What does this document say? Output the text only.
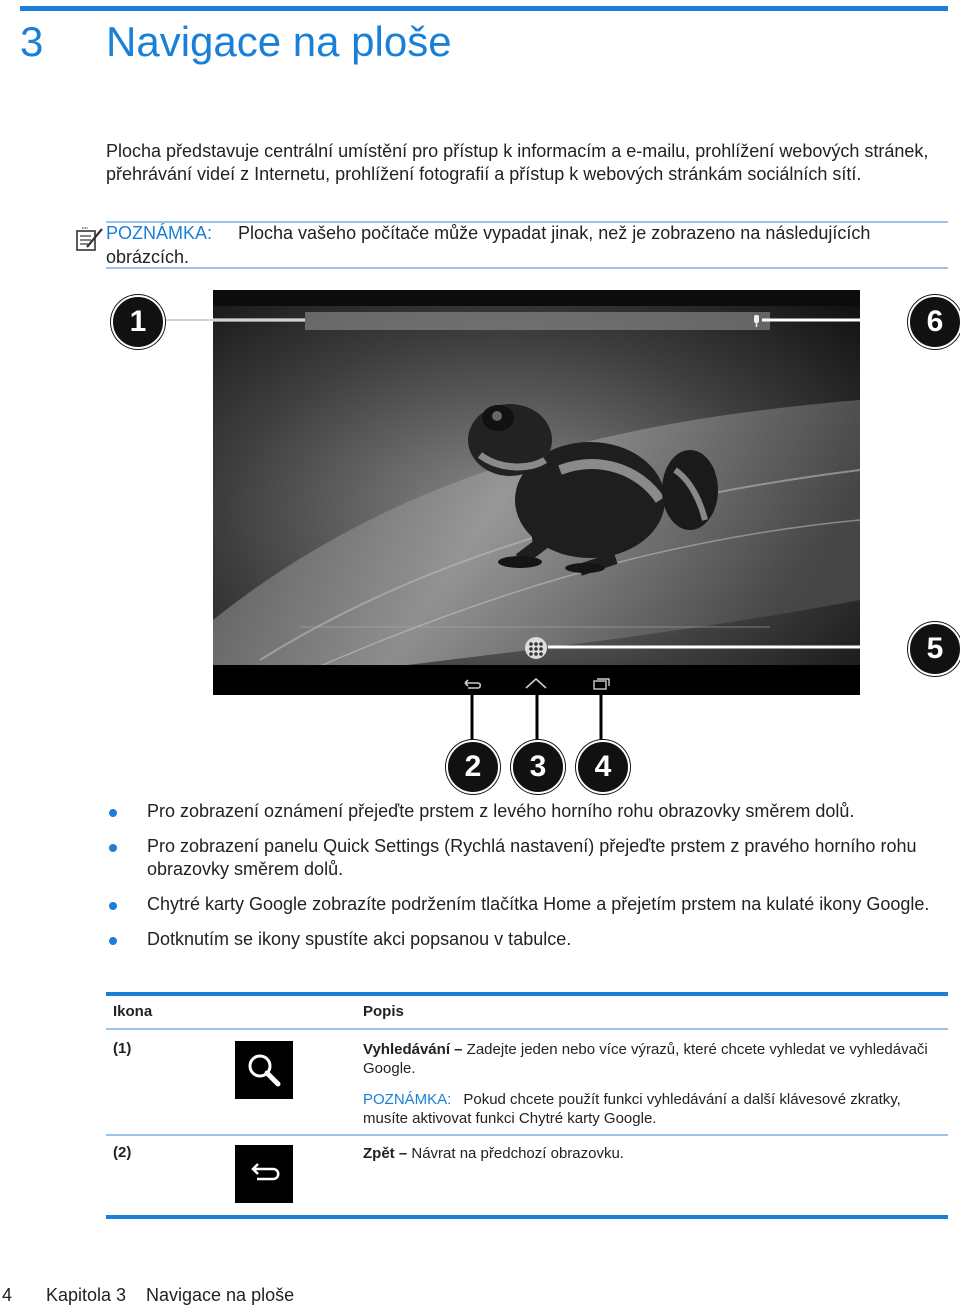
3 Navigace na ploše

Plocha představuje centrální umístění pro přístup k informacím a e-mailu, prohlížení webových stránek, přehrávání videí z Internetu, prohlížení fotografií a přístup k webových stránkám sociálních sítí.

POZNÁMKA: Plocha vašeho počítače může vypadat jinak, než je zobrazeno na následujících obrázcích.

1
2	3	4
5
6
Pro zobrazení oznámení přejeďte prstem z levého horního rohu obrazovky směrem dolů.
Pro zobrazení panelu Quick Settings (Rychlá nastavení) přejeďte prstem z pravého horního rohu obrazovky směrem dolů.
Chytré karty Google zobrazíte podržením tlačítka Home a přejetím prstem na kulaté ikony Google.
Dotknutím se ikony spustíte akci popsanou v tabulce.
Ikona	Popis
(1)	Vyhledávání – Zadejte jeden nebo více výrazů, které chcete vyhledat ve vyhledávači Google.

POZNÁMKA: Pokud chcete použít funkci vyhledávání a další klávesové zkratky, musíte aktivovat funkci Chytré karty Google.

(2)	Zpět – Návrat na předchozí obrazovku.

4 Kapitola 3 Navigace na ploše
